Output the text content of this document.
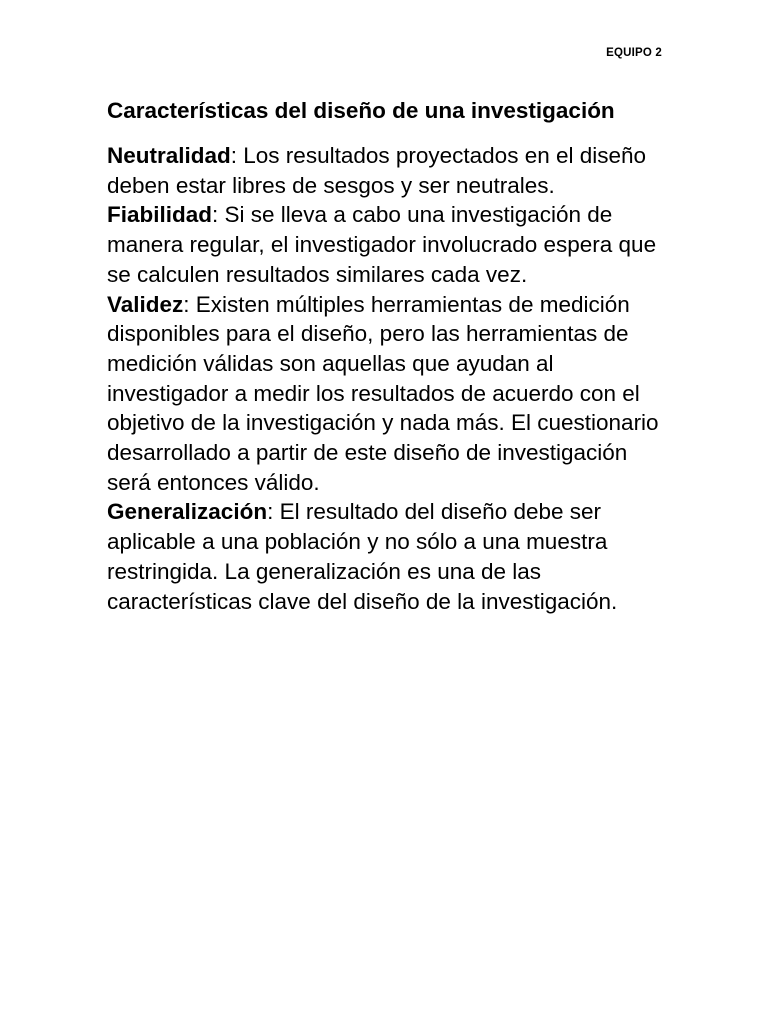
EQUIPO 2
Características del diseño de una investigación

Neutralidad: Los resultados proyectados en el diseño deben estar libres de sesgos y ser neutrales.

Fiabilidad: Si se lleva a cabo una investigación de manera regular, el investigador involucrado espera que se calculen resultados similares cada vez.

Validez: Existen múltiples herramientas de medición disponibles para el diseño, pero las herramientas de medición válidas son aquellas que ayudan al investigador a medir los resultados de acuerdo con el objetivo de la investigación y nada más. El cuestionario desarrollado a partir de este diseño de investigación será entonces válido.

Generalización: El resultado del diseño debe ser aplicable a una población y no sólo a una muestra restringida. La generalización es una de las características clave del diseño de la investigación.
